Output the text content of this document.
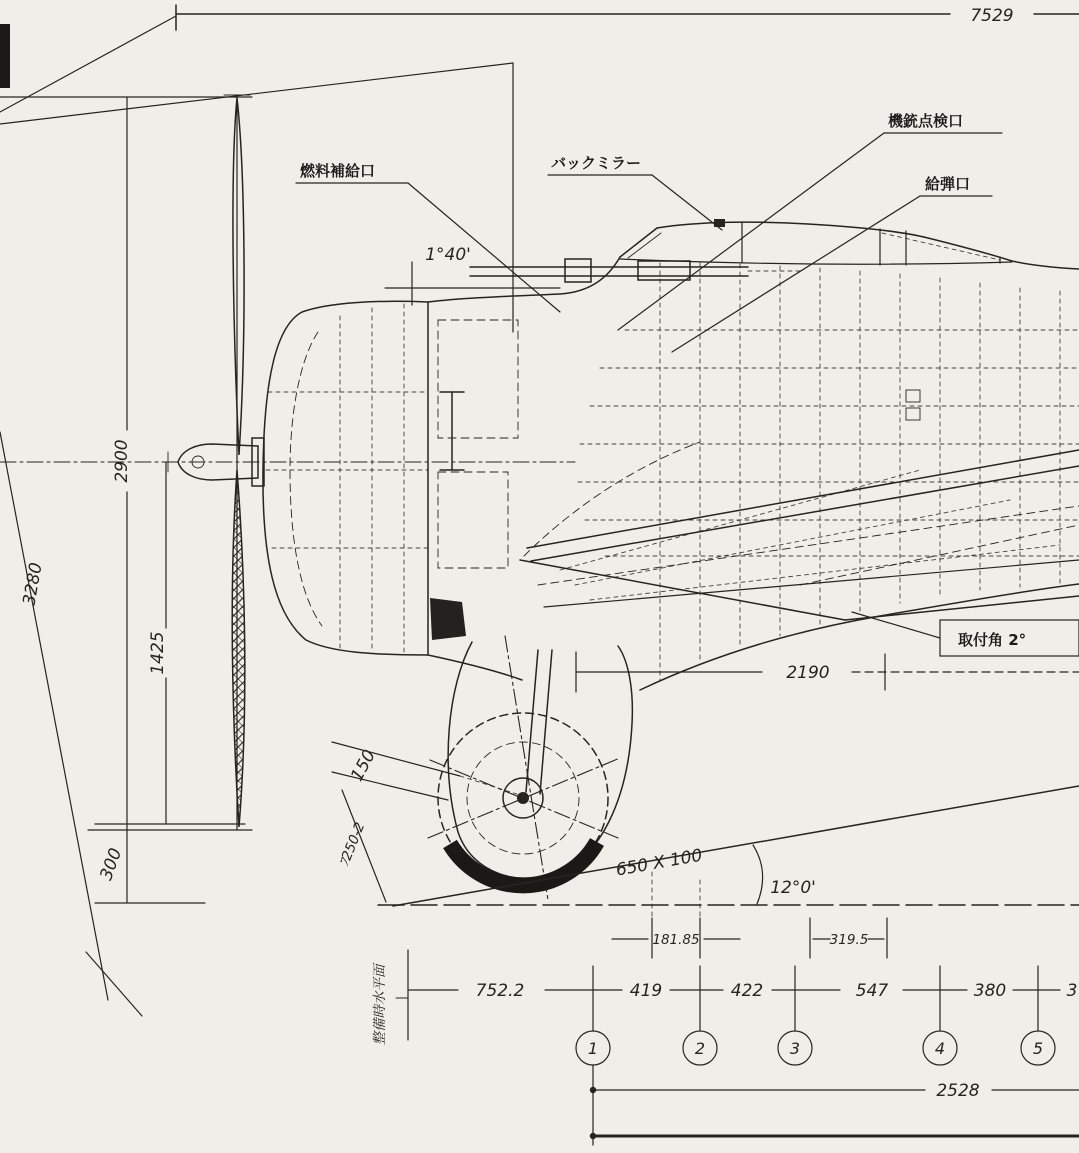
7529
2900
3280
1425
300
1°40'
2190
取付角 2°
150
ﾌ250-2	650 X 100
12°0'
181.85	319.5
752.2	419	422	547	380	3
整備時水平面
1	2	3	4	5
2528
燃料補給口	バックミラー
機銃点検口
給弾口
